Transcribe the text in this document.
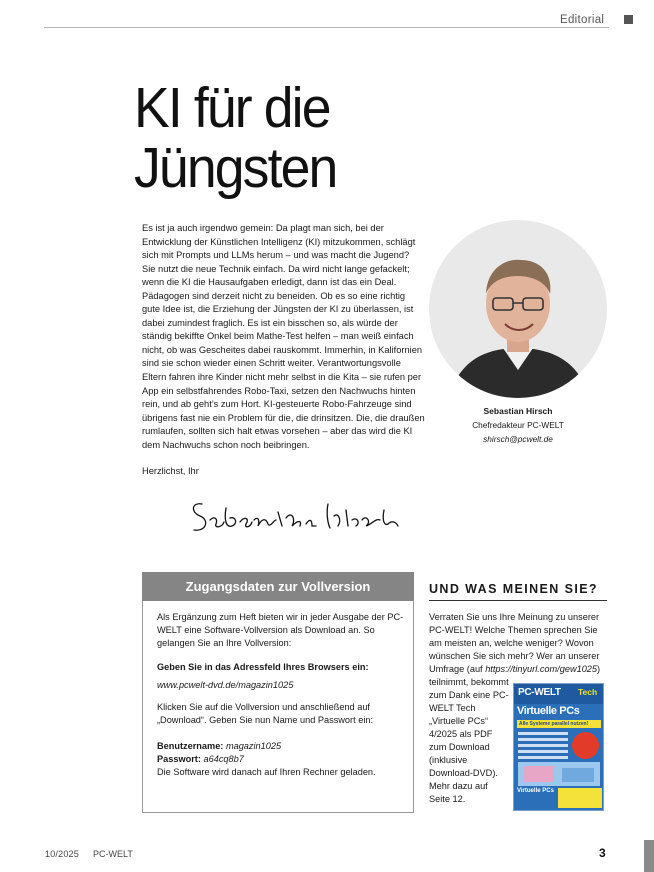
Editorial
KI für die Jüngsten
Es ist ja auch irgendwo gemein: Da plagt man sich, bei der Entwicklung der Künstlichen Intelligenz (KI) mitzukommen, schlägt sich mit Prompts und LLMs herum – und was macht die Jugend? Sie nutzt die neue Technik einfach. Da wird nicht lange gefackelt; wenn die KI die Hausaufgaben erledigt, dann ist das ein Deal. Pädagogen sind derzeit nicht zu beneiden. Ob es so eine richtig gute Idee ist, die Erziehung der Jüngsten der KI zu überlassen, ist dabei zumindest fraglich. Es ist ein bisschen so, als würde der ständig bekiffte Onkel beim Mathe-Test helfen – man weiß einfach nicht, ob was Gescheites dabei rauskommt. Immerhin, in Kalifornien sind sie schon wieder einen Schritt weiter. Verantwortungsvolle Eltern fahren ihre Kinder nicht mehr selbst in die Kita – sie rufen per App ein selbstfahrendes Robo-Taxi, setzen den Nachwuchs hinten rein, und ab geht’s zum Hort. KI-gesteuerte Robo-Fahrzeuge sind übrigens fast nie ein Problem für die, die drinsitzen. Die, die draußen rumlaufen, sollten sich halt etwas vorsehen – aber das wird die KI dem Nachwuchs schon noch beibringen.
Herzlichst, Ihr
Sebastian Hirsch
Chefredakteur PC-WELT
shirsch@pcwelt.de
Zugangsdaten zur Vollversion

Als Ergänzung zum Heft bieten wir in jeder Ausgabe der PC-WELT eine Software-Vollversion als Download an. So gelangen Sie an Ihre Vollversion:

Geben Sie in das Adressfeld Ihres Browsers ein:

www.pcwelt-dvd.de/magazin1025

Klicken Sie auf die Vollversion und anschließend auf „Download“. Geben Sie nun Name und Passwort ein:

Benutzername: magazin1025

Passwort: a64cq8b7

Die Software wird danach auf Ihren Rechner geladen.

UND WAS MEINEN SIE?
Verraten Sie uns Ihre Meinung zu unserer PC-WELT! Welche Themen sprechen Sie am meisten an, welche weniger? Wovon wünschen Sie sich mehr? Wer an unserer Umfrage (auf https://tinyurl.com/gew1025)
teilnimmt, bekommt zum Dank eine PC-WELT Tech „Virtuelle PCs“ 4/2025 als PDF zum Download (inklusive Download-DVD). Mehr dazu auf Seite 12.
PC-WELT Tech
Virtuelle PCs
Alle Systeme parallel nutzen!
Virtuelle PCs
10/2025 PC-WELT	3
